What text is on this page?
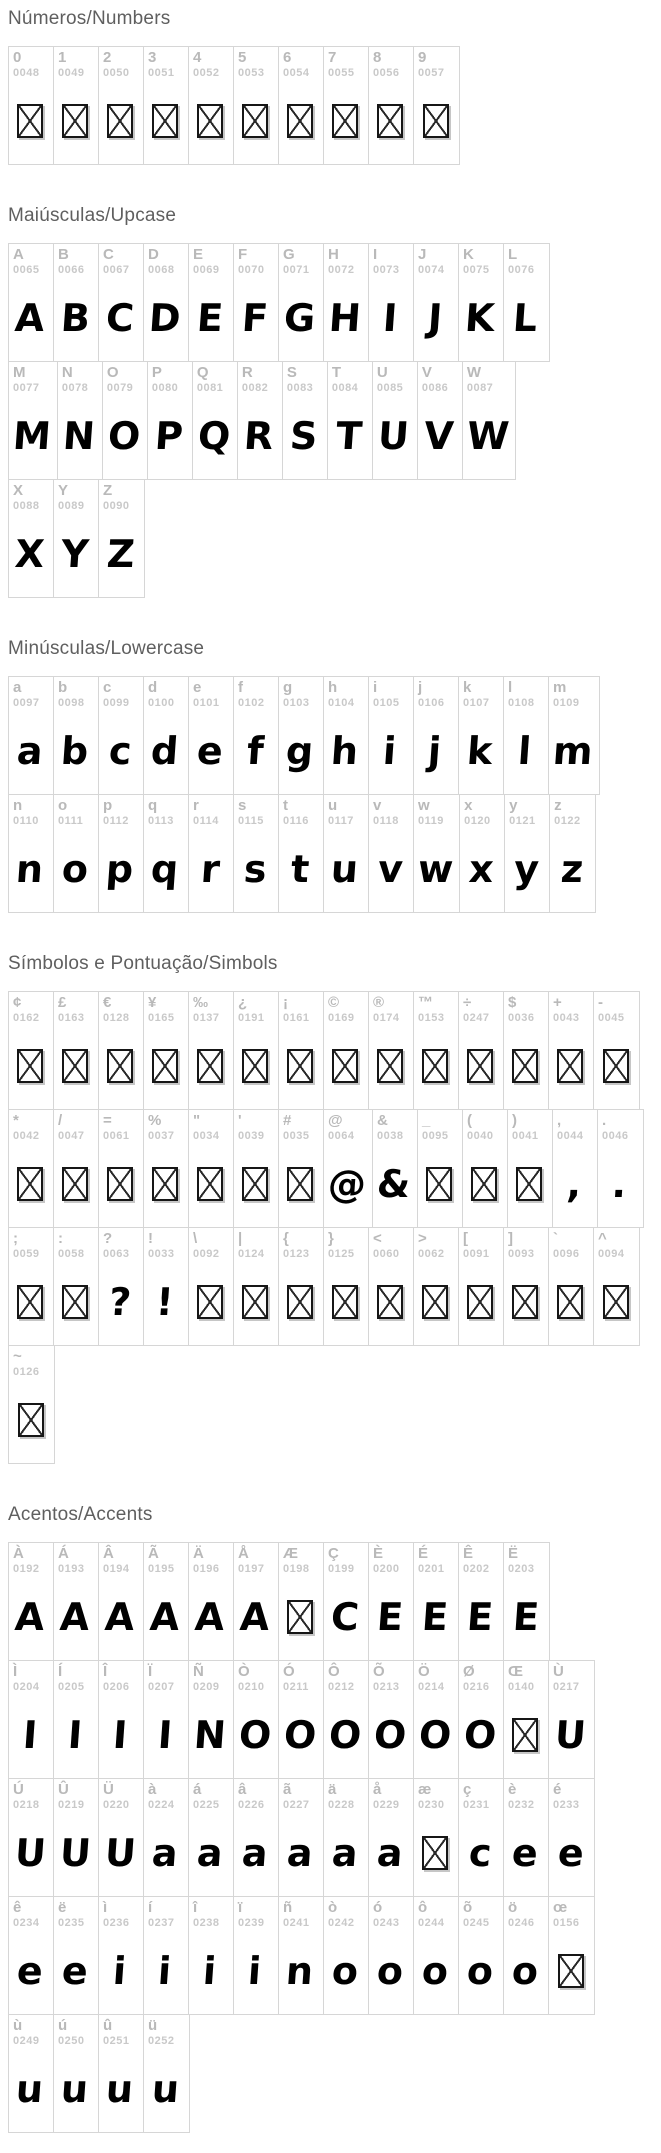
Números/Numbers
0
0048
1
0049
2
0050
3
0051
4
0052
5
0053
6
0054
7
0055
8
0056
9
0057
Maiúsculas/Upcase
A
0065
A
B
0066
B
C
0067
C
D
0068
D
E
0069
E
F
0070
F
G
0071
G
H
0072
H
I
0073
I
J
0074
J
K
0075
K
L
0076
L
M
0077
M
N
0078
N
O
0079
O
P
0080
P
Q
0081
Q
R
0082
R
S
0083
S
T
0084
T
U
0085
U
V
0086
V
W
0087
W
X
0088
X
Y
0089
Y
Z
0090
Z
Minúsculas/Lowercase
a
0097
a
b
0098
b
c
0099
c
d
0100
d
e
0101
e
f
0102
f
g
0103
g
h
0104
h
i
0105
i
j
0106
j
k
0107
k
l
0108
l
m
0109
m
n
0110
n
o
0111
o
p
0112
p
q
0113
q
r
0114
r
s
0115
s
t
0116
t
u
0117
u
v
0118
v
w
0119
w
x
0120
x
y
0121
y
z
0122
z
Símbolos e Pontuação/Simbols
¢
0162
£
0163
€
0128
¥
0165
‰
0137
¿
0191
¡
0161
©
0169
®
0174
™
0153
÷
0247
$
0036
+
0043
-
0045
*
0042
/
0047
=
0061
%
0037
"
0034
'
0039
#
0035
@
0064
@
&
0038
&
_
0095
(
0040
)
0041
,
0044
,
.
0046
.
;
0059
:
0058
?
0063
?
!
0033
!
\
0092
|
0124
{
0123
}
0125
<
0060
>
0062
[
0091
]
0093
`
0096
^
0094
~
0126
Acentos/Accents
À
0192
A
Á
0193
A
Â
0194
A
Ã
0195
A
Ä
0196
A
Å
0197
A
Æ
0198
Ç
0199
C
È
0200
E
É
0201
E
Ê
0202
E
Ë
0203
E
Ì
0204
I
Í
0205
I
Î
0206
I
Ï
0207
I
Ñ
0209
N
Ò
0210
O
Ó
0211
O
Ô
0212
O
Õ
0213
O
Ö
0214
O
Ø
0216
O
Œ
0140
Ù
0217
U
Ú
0218
U
Û
0219
U
Ü
0220
U
à
0224
a
á
0225
a
â
0226
a
ã
0227
a
ä
0228
a
å
0229
a
æ
0230
ç
0231
c
è
0232
e
é
0233
e
ê
0234
e
ë
0235
e
ì
0236
i
í
0237
i
î
0238
i
ï
0239
i
ñ
0241
n
ò
0242
o
ó
0243
o
ô
0244
o
õ
0245
o
ö
0246
o
œ
0156
ù
0249
u
ú
0250
u
û
0251
u
ü
0252
u
